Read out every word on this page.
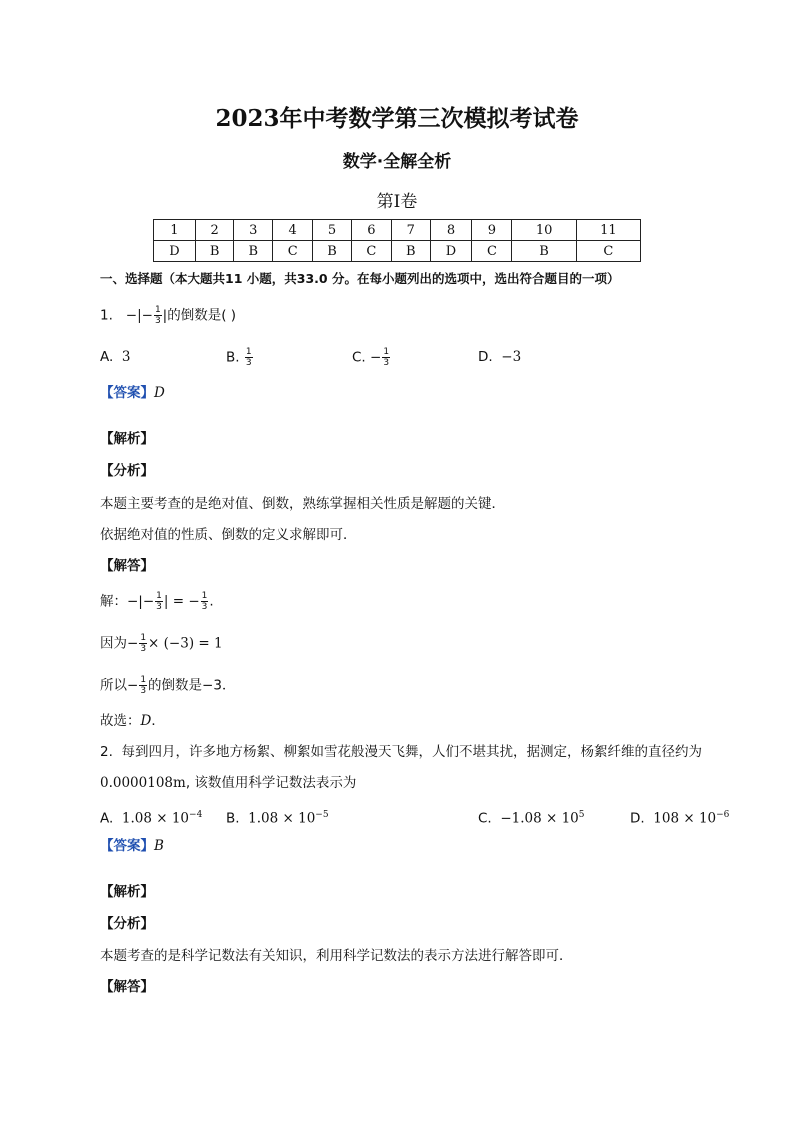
2023年中考数学第三次模拟考试卷
数学·全解全析
第Ⅰ卷
1	2	3	4	5	6	7	8	9	10	11
D	B	B	C	B	C	B	D	C	B	C
一、选择题（本大题共11 小题，共33.0 分。在每小题列出的选项中，选出符合题目的一项）
1. −|− $\frac{1}{3}$ |的倒数是( )
A. 3	B. $\frac{1}{3}$	C. − $\frac{1}{3}$	D. −3
【答案】D
【解析】
【分析】
本题主要考查的是绝对值、倒数，熟练掌握相关性质是解题的关键．
依据绝对值的性质、倒数的定义求解即可．
【解答】
解：−|− $\frac{1}{3}$ | = − $\frac{1}{3}$ .
因为− $\frac{1}{3} \times (-3) = 1$
所以− $\frac{1}{3}$ 的倒数是−3．
故选：D．
2. 每到四月，许多地方杨絮、柳絮如雪花般漫天飞舞，人们不堪其扰，据测定，杨絮纤维的直径约为
0.0000108m, 该数值用科学记数法表示为
A. $1.08 \times 10^{-4}$ B. $1.08 \times 10^{-5}$	C. $-1.08 \times 10^5$	D. $108 \times 10^{-6}$
【答案】B
【解析】
【分析】
本题考查的是科学记数法有关知识，利用科学记数法的表示方法进行解答即可．
【解答】
